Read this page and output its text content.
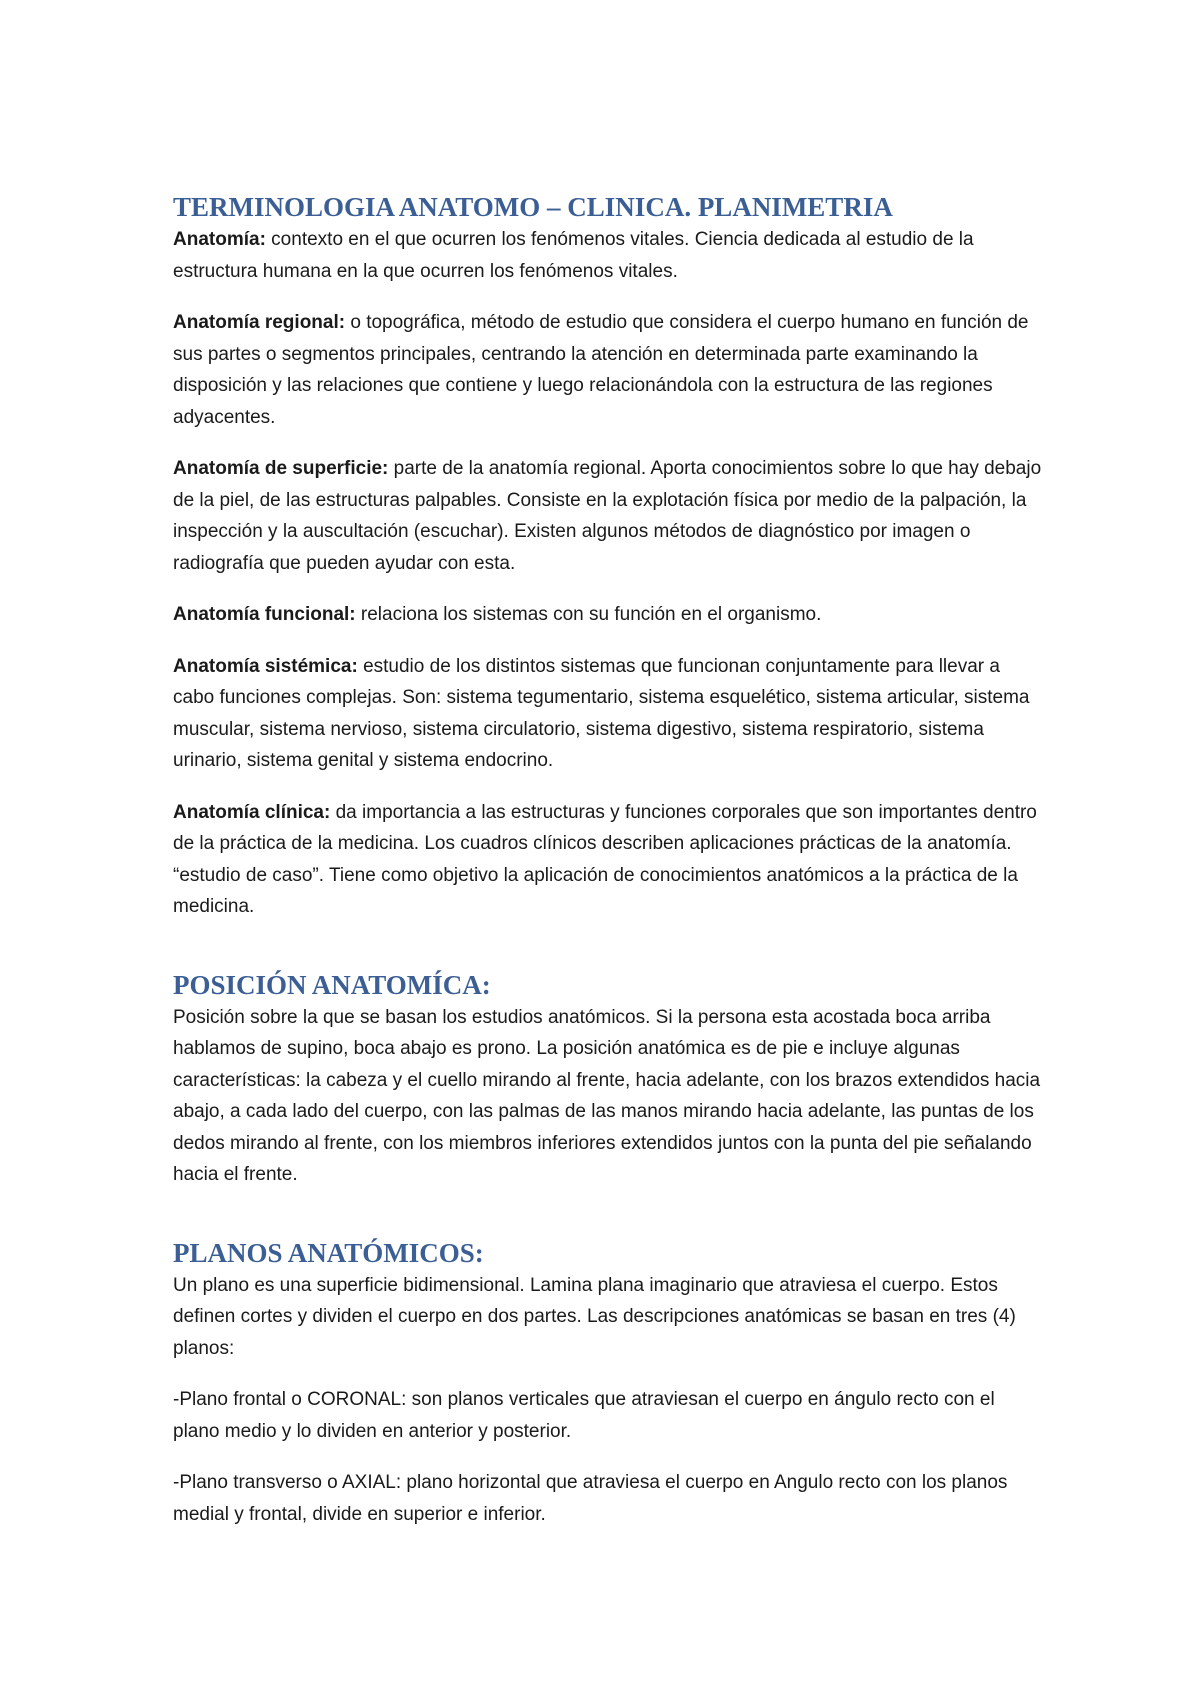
TERMINOLOGIA ANATOMO – CLINICA. PLANIMETRIA

Anatomía: contexto en el que ocurren los fenómenos vitales. Ciencia dedicada al estudio de la estructura humana en la que ocurren los fenómenos vitales.

Anatomía regional: o topográfica, método de estudio que considera el cuerpo humano en función de sus partes o segmentos principales, centrando la atención en determinada parte examinando la disposición y las relaciones que contiene y luego relacionándola con la estructura de las regiones adyacentes.

Anatomía de superficie: parte de la anatomía regional. Aporta conocimientos sobre lo que hay debajo de la piel, de las estructuras palpables. Consiste en la explotación física por medio de la palpación, la inspección y la auscultación (escuchar). Existen algunos métodos de diagnóstico por imagen o radiografía que pueden ayudar con esta.

Anatomía funcional: relaciona los sistemas con su función en el organismo.

Anatomía sistémica: estudio de los distintos sistemas que funcionan conjuntamente para llevar a cabo funciones complejas. Son: sistema tegumentario, sistema esquelético, sistema articular, sistema muscular, sistema nervioso, sistema circulatorio, sistema digestivo, sistema respiratorio, sistema urinario, sistema genital y sistema endocrino.

Anatomía clínica: da importancia a las estructuras y funciones corporales que son importantes dentro de la práctica de la medicina. Los cuadros clínicos describen aplicaciones prácticas de la anatomía. “estudio de caso”. Tiene como objetivo la aplicación de conocimientos anatómicos a la práctica de la medicina.

POSICIÓN ANATOMÍCA:

Posición sobre la que se basan los estudios anatómicos. Si la persona esta acostada boca arriba hablamos de supino, boca abajo es prono. La posición anatómica es de pie e incluye algunas características: la cabeza y el cuello mirando al frente, hacia adelante, con los brazos extendidos hacia abajo, a cada lado del cuerpo, con las palmas de las manos mirando hacia adelante, las puntas de los dedos mirando al frente, con los miembros inferiores extendidos juntos con la punta del pie señalando hacia el frente.

PLANOS ANATÓMICOS:

Un plano es una superficie bidimensional. Lamina plana imaginario que atraviesa el cuerpo. Estos definen cortes y dividen el cuerpo en dos partes. Las descripciones anatómicas se basan en tres (4) planos:

-Plano frontal o CORONAL: son planos verticales que atraviesan el cuerpo en ángulo recto con el plano medio y lo dividen en anterior y posterior.

-Plano transverso o AXIAL: plano horizontal que atraviesa el cuerpo en Angulo recto con los planos medial y frontal, divide en superior e inferior.
